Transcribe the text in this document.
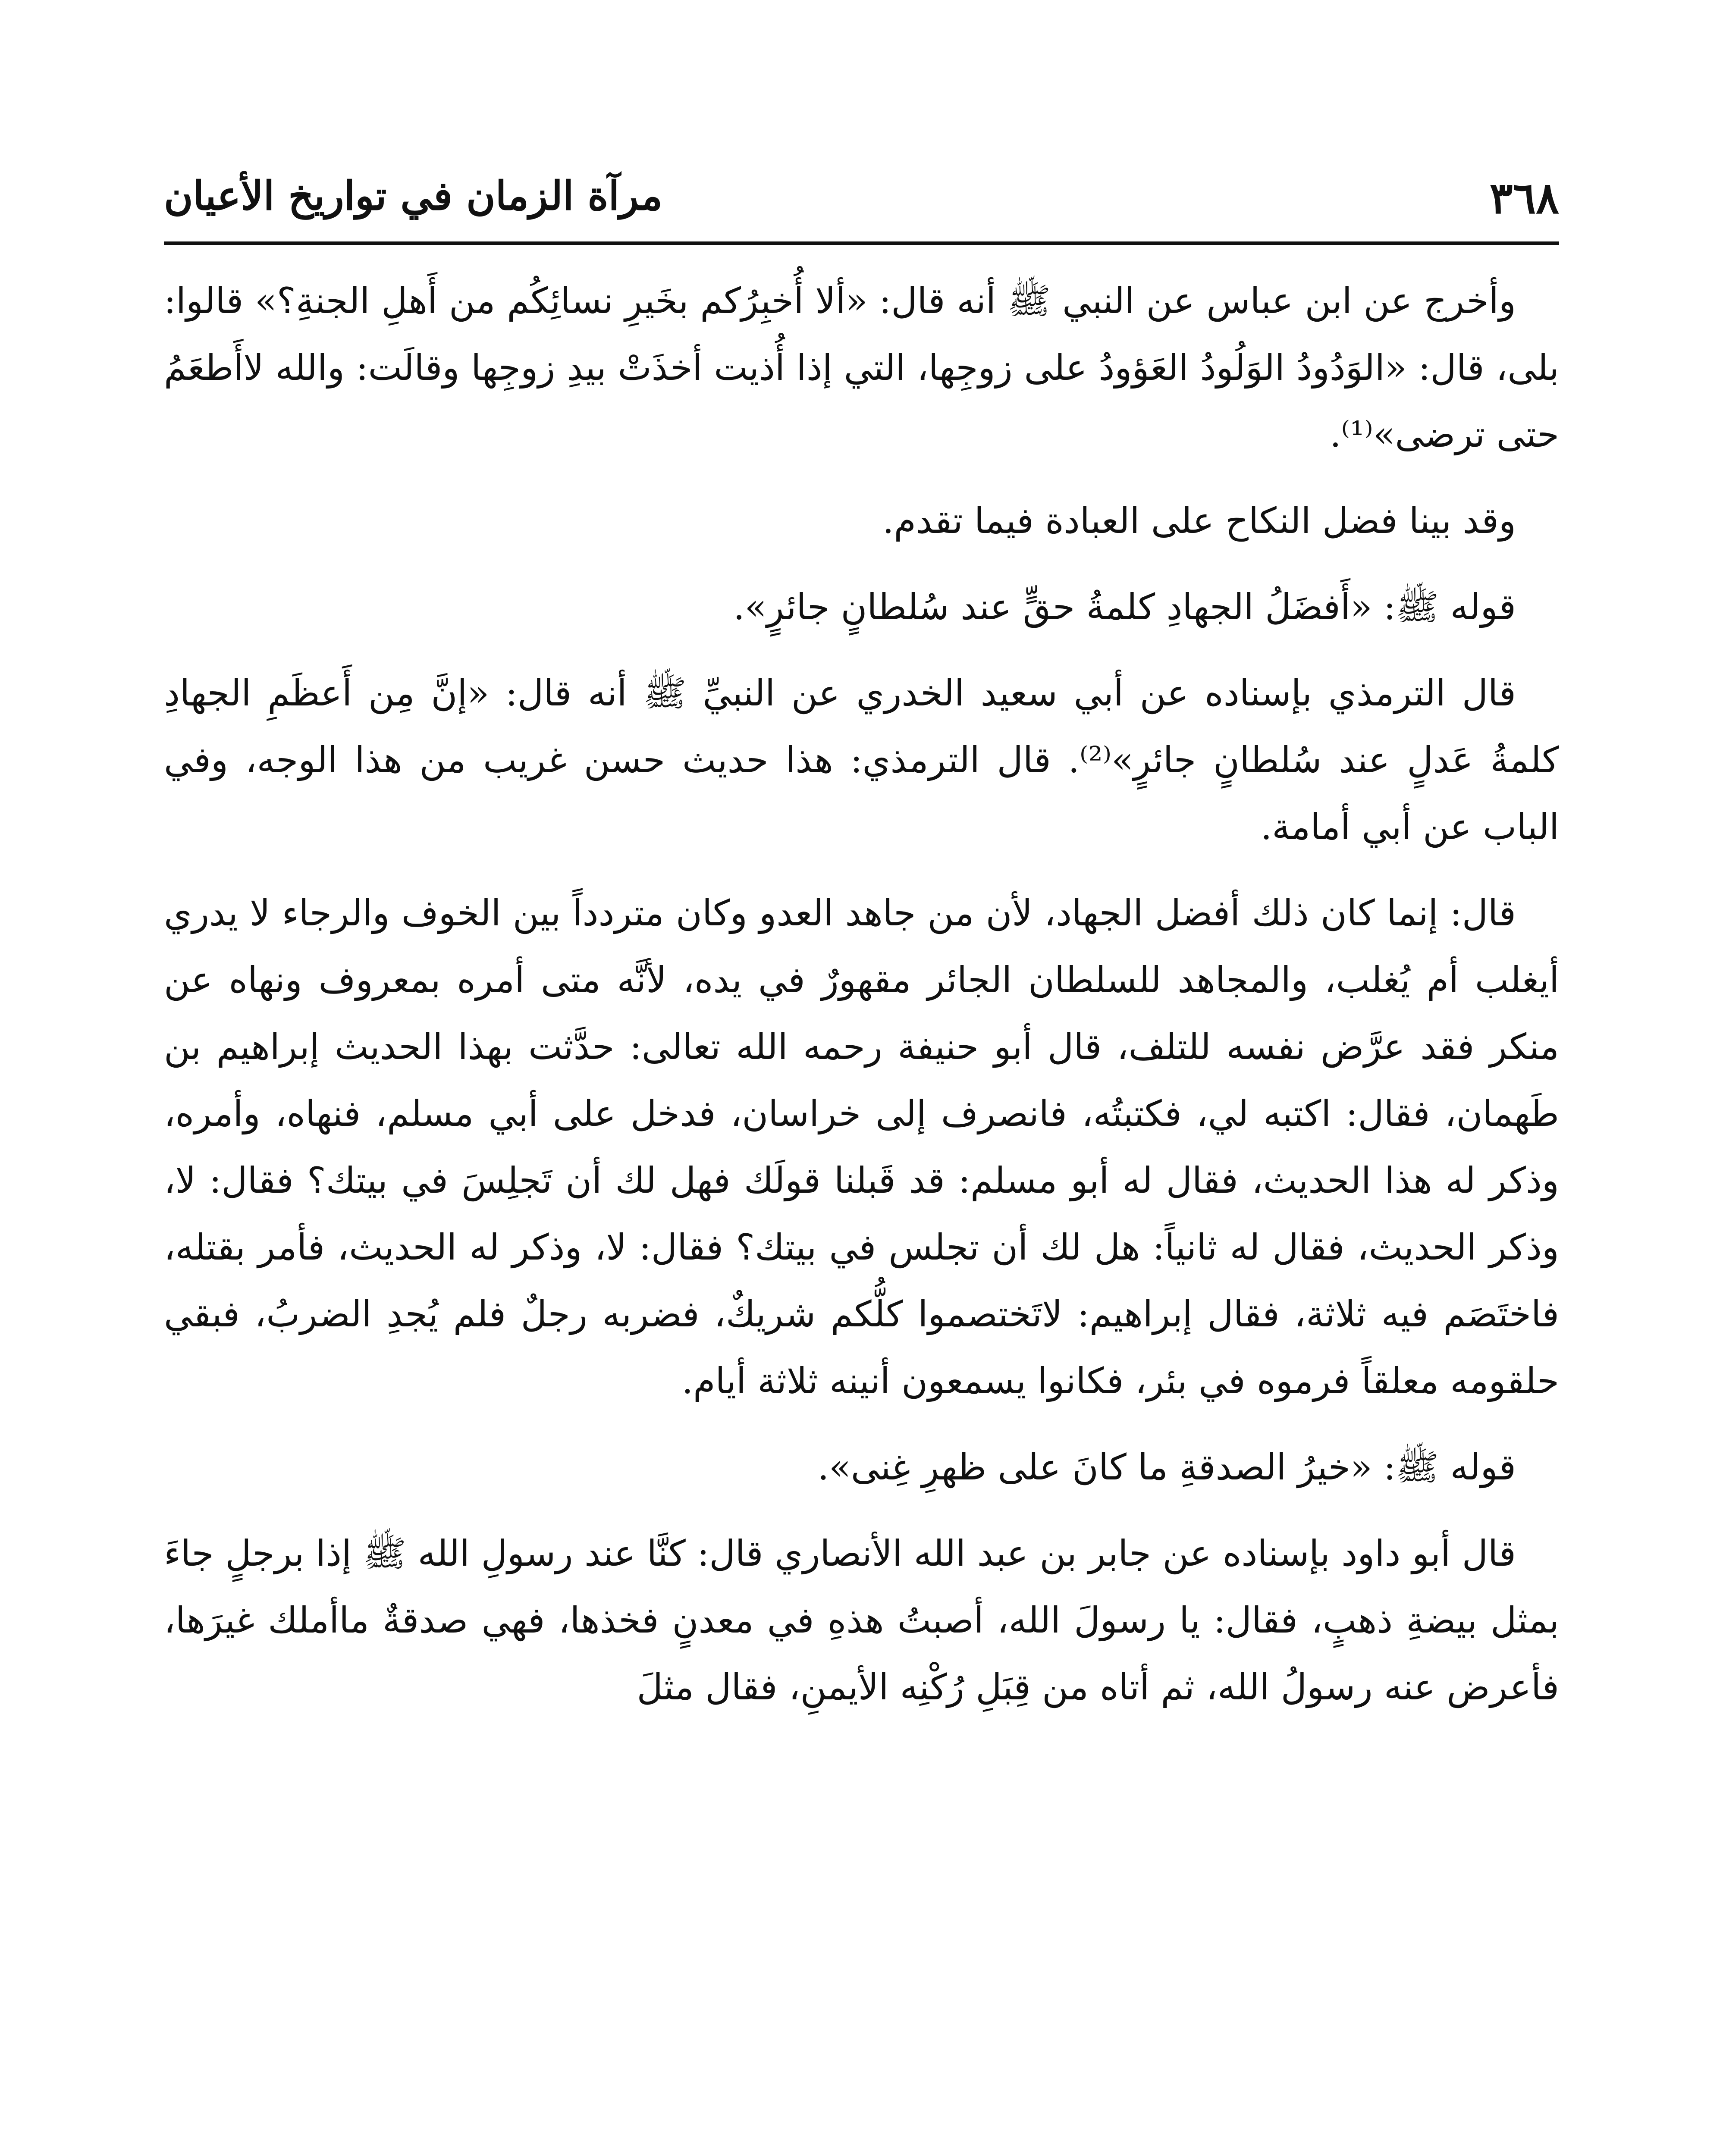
٣٦٨
مرآة الزمان في تواريخ الأعيان

وأخرج عن ابن عباس عن النبي ﷺ أنه قال: «ألا أُخبِرُكم بخَيرِ نسائِكُم من أَهلِ الجنةِ؟» قالوا: بلى، قال: «الوَدُودُ الوَلُودُ العَؤودُ على زوجِها، التي إذا أُذيت أخذَتْ بيدِ زوجِها وقالَت: والله لاأَطعَمُ حتى ترضى»⁽¹⁾.

وقد بينا فضل النكاح على العبادة فيما تقدم.

قوله ﷺ: «أَفضَلُ الجهادِ كلمةُ حقٍّ عند سُلطانٍ جائرٍ».

قال الترمذي بإسناده عن أبي سعيد الخدري عن النبيِّ ﷺ أنه قال: «إنَّ مِن أَعظَمِ الجهادِ كلمةُ عَدلٍ عند سُلطانٍ جائرٍ»⁽²⁾. قال الترمذي: هذا حديث حسن غريب من هذا الوجه، وفي الباب عن أبي أمامة.

قال: إنما كان ذلك أفضل الجهاد، لأن من جاهد العدو وكان متردداً بين الخوف والرجاء لا يدري أيغلب أم يُغلب، والمجاهد للسلطان الجائر مقهورٌ في يده، لأنَّه متى أمره بمعروف ونهاه عن منكر فقد عرَّض نفسه للتلف، قال أبو حنيفة رحمه الله تعالى: حدَّثت بهذا الحديث إبراهيم بن طَهمان، فقال: اكتبه لي، فكتبتُه، فانصرف إلى خراسان، فدخل على أبي مسلم، فنهاه، وأمره، وذكر له هذا الحديث، فقال له أبو مسلم: قد قَبلنا قولَك فهل لك أن تَجلِسَ في بيتك؟ فقال: لا، وذكر الحديث، فقال له ثانياً: هل لك أن تجلس في بيتك؟ فقال: لا، وذكر له الحديث، فأمر بقتله، فاختَصَم فيه ثلاثة، فقال إبراهيم: لاتَختصموا كلُّكم شريكٌ، فضربه رجلٌ فلم يُجدِ الضربُ، فبقي حلقومه معلقاً فرموه في بئر، فكانوا يسمعون أنينه ثلاثة أيام.

قوله ﷺ: «خيرُ الصدقةِ ما كانَ على ظهرِ غِنى».

قال أبو داود بإسناده عن جابر بن عبد الله الأنصاري قال: كنَّا عند رسولِ الله ﷺ إذا برجلٍ جاءَ بمثل بيضةِ ذهبٍ، فقال: يا رسولَ الله، أصبتُ هذهِ في معدنٍ فخذها، فهي صدقةٌ ماأملك غيرَها، فأعرض عنه رسولُ الله، ثم أتاه من قِبَلِ رُكْنِه الأيمنِ، فقال مثلَ
